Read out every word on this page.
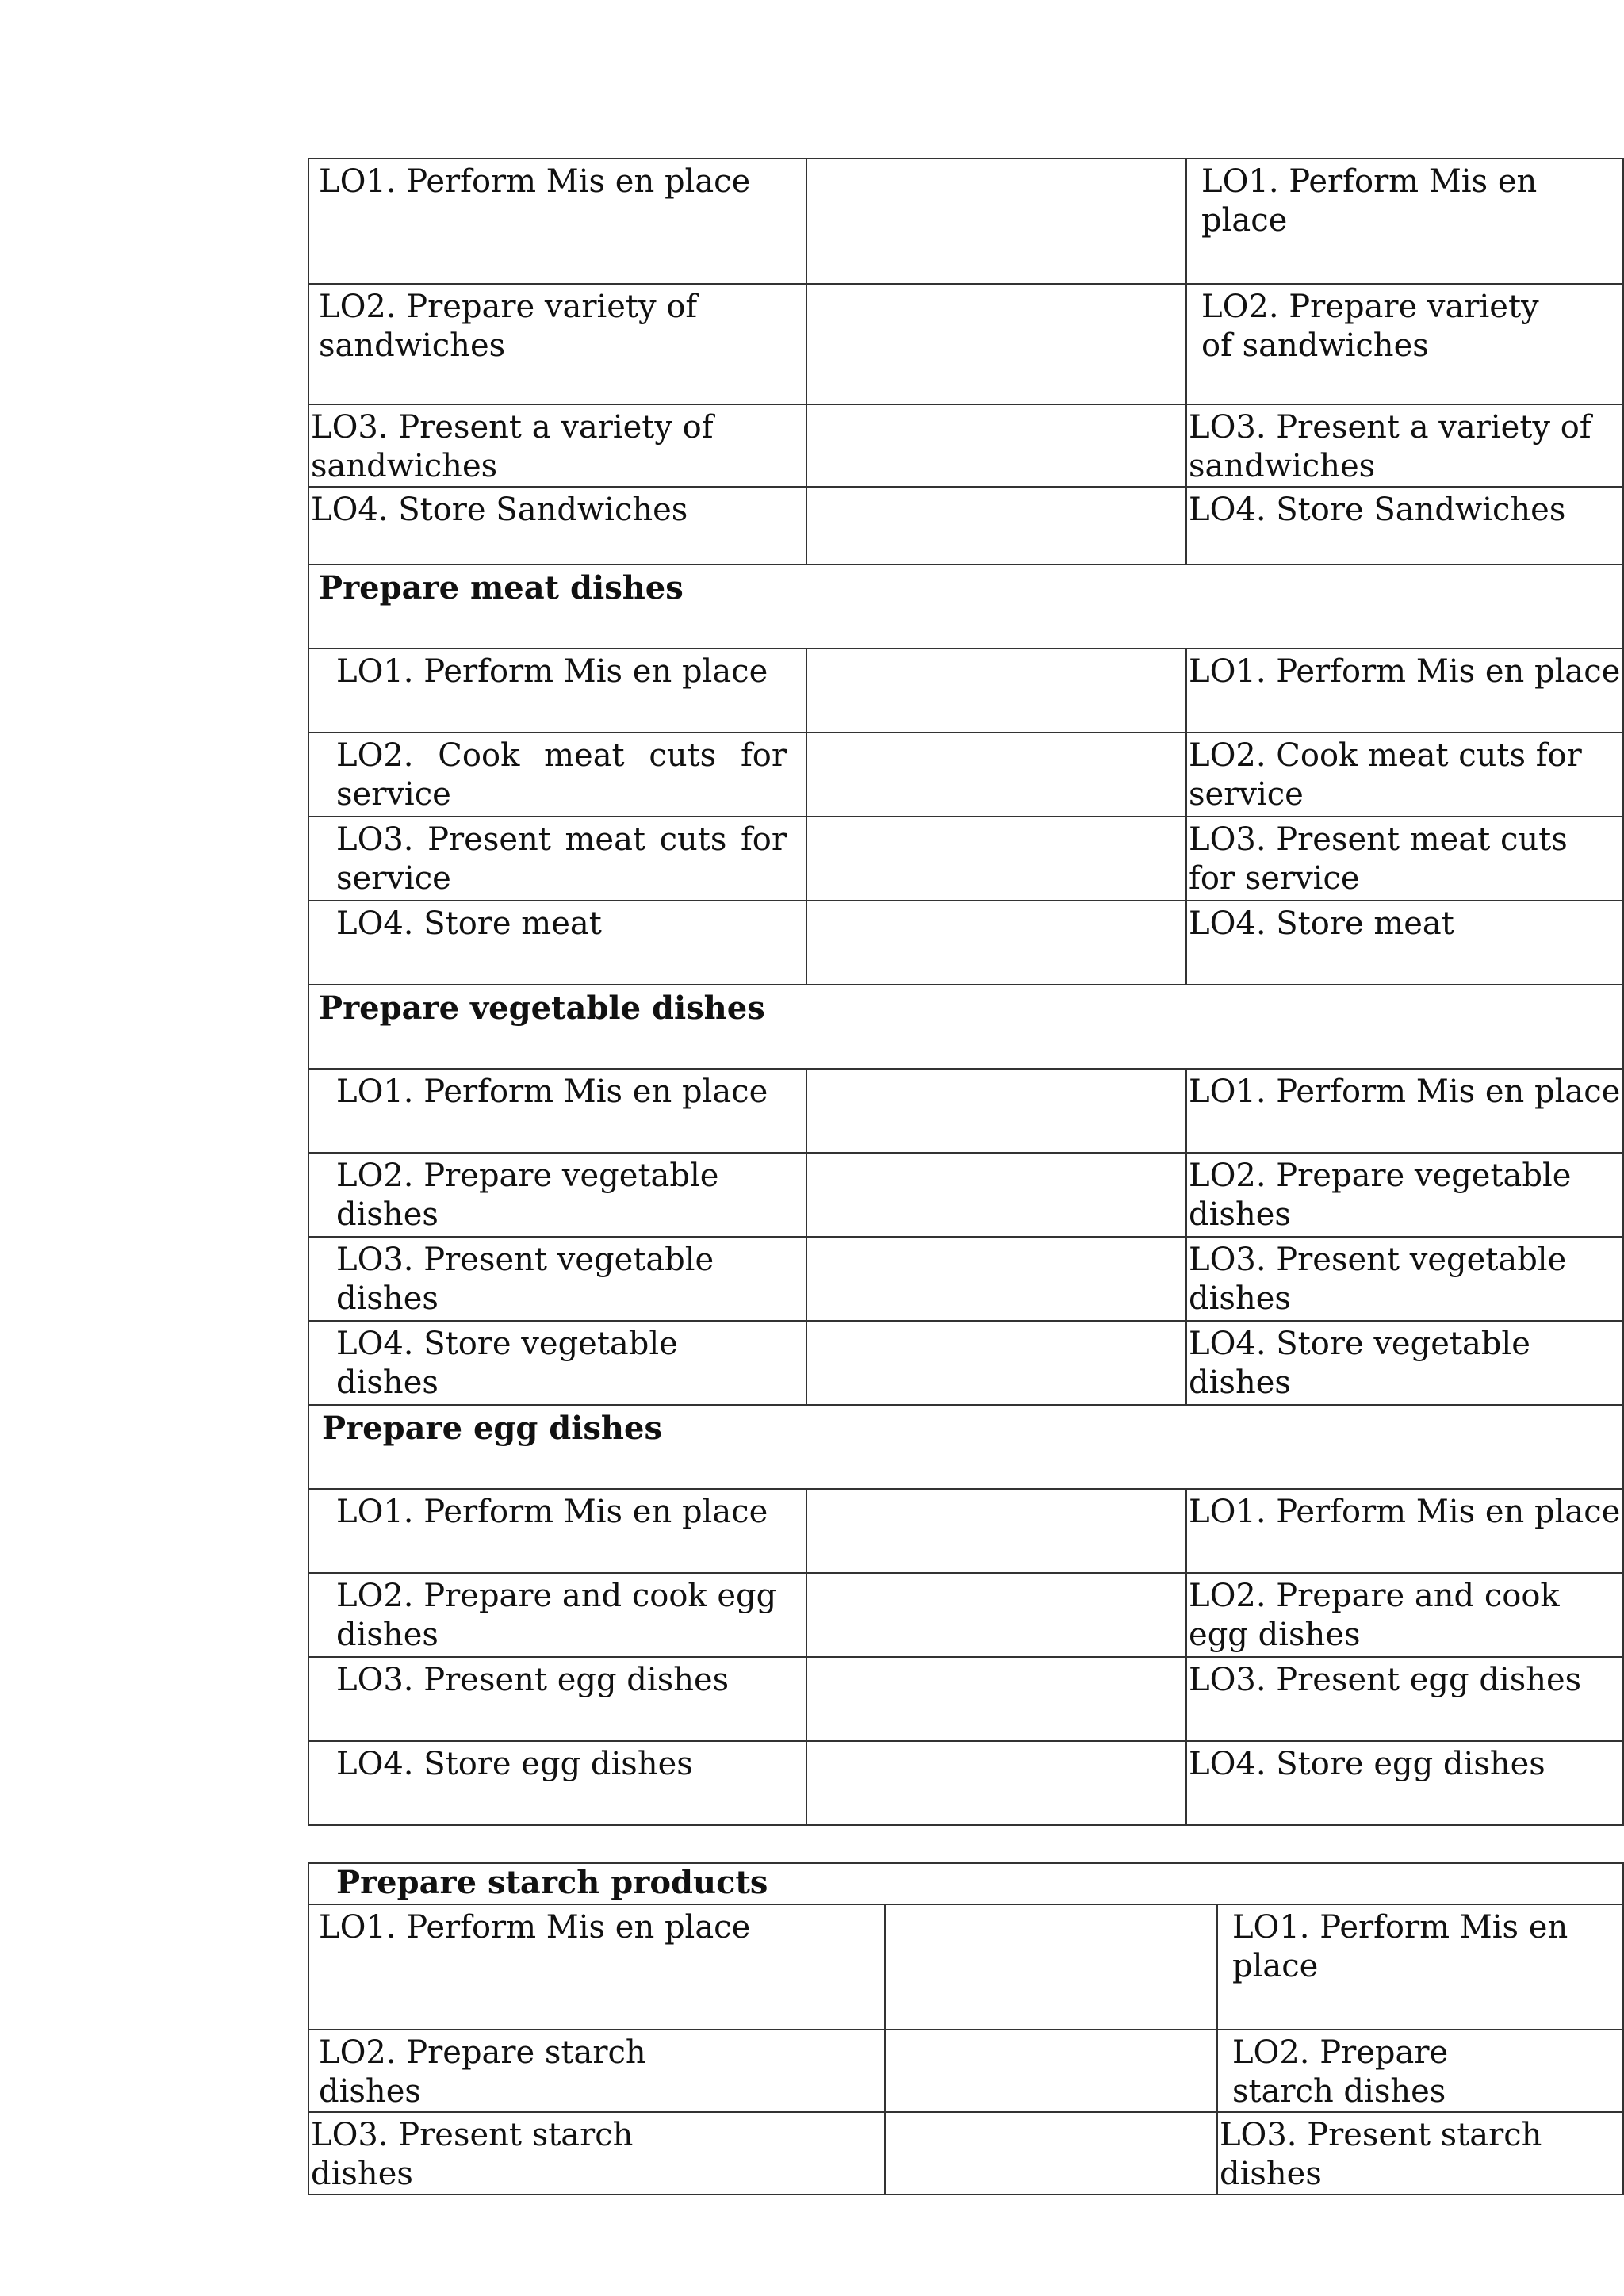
LO1. Perform Mis en place		LO1. Perform Mis en place
LO2. Prepare variety of sandwiches		LO2. Prepare variety of sandwiches
LO3. Present a variety of sandwiches		LO3. Present a variety of sandwiches
LO4. Store Sandwiches		LO4. Store Sandwiches
Prepare meat dishes		
LO1. Perform Mis en place		LO1. Perform Mis en place
LO2. Cook meat cuts for service		LO2. Cook meat cuts for service
LO3. Present meat cuts for service		LO3. Present meat cuts for service
LO4. Store meat		LO4. Store meat
Prepare vegetable dishes		
LO1. Perform Mis en place		LO1. Perform Mis en place
LO2. Prepare vegetable dishes		LO2. Prepare vegetable dishes
LO3. Present vegetable dishes		LO3. Present vegetable dishes
LO4. Store vegetable dishes		LO4. Store vegetable dishes
Prepare egg dishes		
LO1. Perform Mis en place		LO1. Perform Mis en place
LO2. Prepare and cook egg dishes		LO2. Prepare and cook egg dishes
LO3. Present egg dishes		LO3. Present egg dishes
LO4. Store egg dishes		LO4. Store egg dishes
Prepare starch products		
LO1. Perform Mis en place		LO1. Perform Mis en place
LO2. Prepare starch dishes		LO2. Prepare starch dishes
LO3. Present starch dishes		LO3. Present starch dishes
